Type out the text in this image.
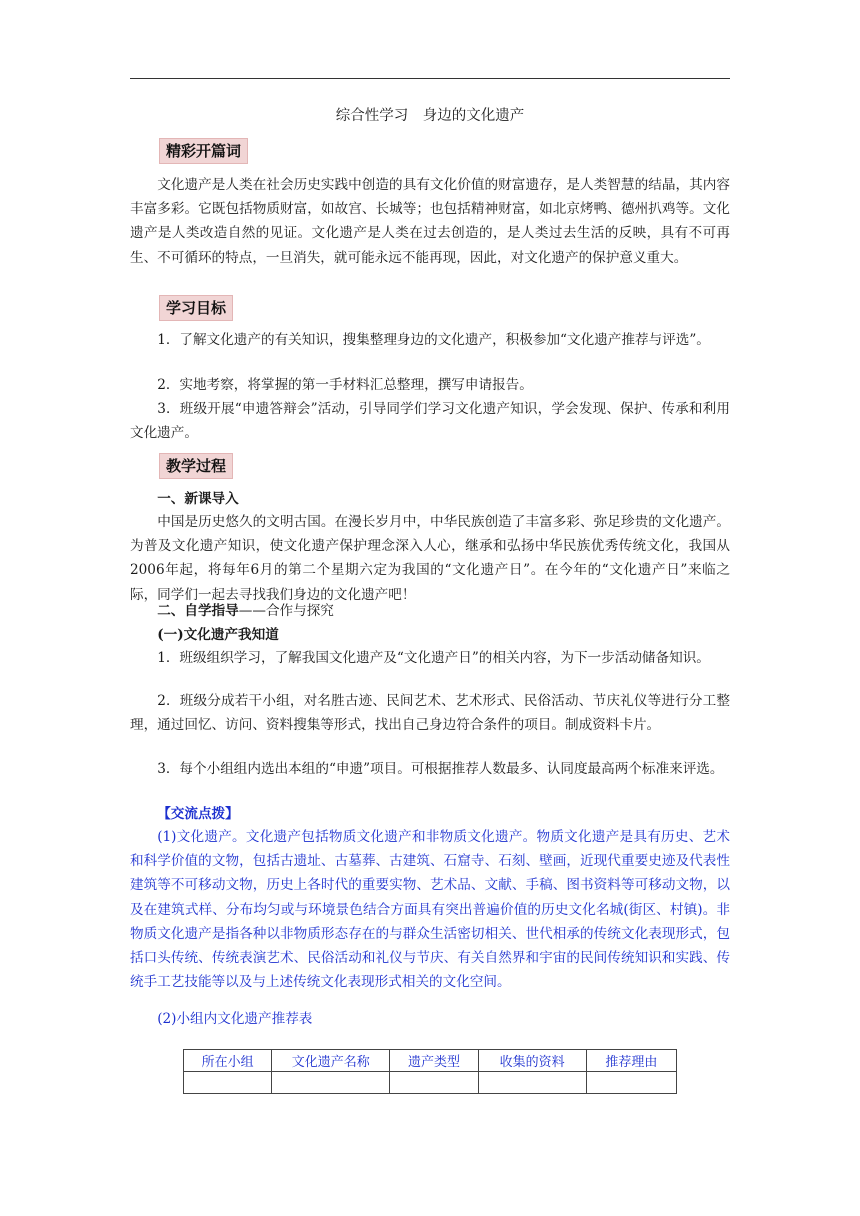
综合性学习　身边的文化遗产
精彩开篇词

文化遗产是人类在社会历史实践中创造的具有文化价值的财富遗存，是人类智慧的结晶，其内容丰富多彩。它既包括物质财富，如故宫、长城等；也包括精神财富，如北京烤鸭、德州扒鸡等。文化遗产是人类改造自然的见证。文化遗产是人类在过去创造的，是人类过去生活的反映，具有不可再生、不可循环的特点，一旦消失，就可能永远不能再现，因此，对文化遗产的保护意义重大。

学习目标

1．了解文化遗产的有关知识，搜集整理身边的文化遗产，积极参加“文化遗产推荐与评选”。

2．实地考察，将掌握的第一手材料汇总整理，撰写申请报告。

3．班级开展“申遗答辩会”活动，引导同学们学习文化遗产知识，学会发现、保护、传承和利用文化遗产。

教学过程

一、新课导入

中国是历史悠久的文明古国。在漫长岁月中，中华民族创造了丰富多彩、弥足珍贵的文化遗产。为普及文化遗产知识，使文化遗产保护理念深入人心，继承和弘扬中华民族优秀传统文化，我国从2006年起，将每年6月的第二个星期六定为我国的“文化遗产日”。在今年的“文化遗产日”来临之际，同学们一起去寻找我们身边的文化遗产吧！

二、自学指导——合作与探究

(一)文化遗产我知道

1．班级组织学习，了解我国文化遗产及“文化遗产日”的相关内容，为下一步活动储备知识。

2．班级分成若干小组，对名胜古迹、民间艺术、艺术形式、民俗活动、节庆礼仪等进行分工整理，通过回忆、访问、资料搜集等形式，找出自己身边符合条件的项目。制成资料卡片。

3．每个小组组内选出本组的“申遗”项目。可根据推荐人数最多、认同度最高两个标准来评选。

【交流点拨】

(1)文化遗产。文化遗产包括物质文化遗产和非物质文化遗产。物质文化遗产是具有历史、艺术和科学价值的文物，包括古遗址、古墓葬、古建筑、石窟寺、石刻、壁画，近现代重要史迹及代表性建筑等不可移动文物，历史上各时代的重要实物、艺术品、文献、手稿、图书资料等可移动文物，以及在建筑式样、分布均匀或与环境景色结合方面具有突出普遍价值的历史文化名城(街区、村镇)。非物质文化遗产是指各种以非物质形态存在的与群众生活密切相关、世代相承的传统文化表现形式，包括口头传统、传统表演艺术、民俗活动和礼仪与节庆、有关自然界和宇宙的民间传统知识和实践、传统手工艺技能等以及与上述传统文化表现形式相关的文化空间。

(2)小组内文化遗产推荐表

所在小组	文化遗产名称	遗产类型	收集的资料	推荐理由
